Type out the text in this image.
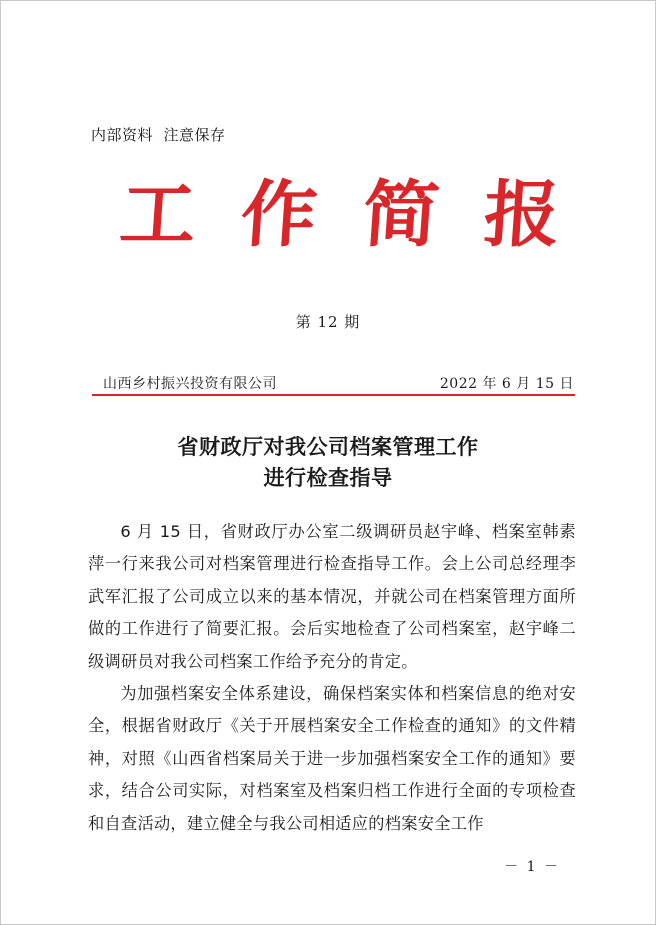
内部资料  注意保存
工 作 简 报
第 12 期
山西乡村振兴投资有限公司	2022 年 6 月 15 日
省财政厅对我公司档案管理工作
进行检查指导

6 月 15 日，省财政厅办公室二级调研员赵宇峰、档案室韩素萍一行来我公司对档案管理进行检查指导工作。会上公司总经理李武军汇报了公司成立以来的基本情况，并就公司在档案管理方面所做的工作进行了简要汇报。会后实地检查了公司档案室，赵宇峰二级调研员对我公司档案工作给予充分的肯定。

为加强档案安全体系建设，确保档案实体和档案信息的绝对安全，根据省财政厅《关于开展档案安全工作检查的通知》的文件精神，对照《山西省档案局关于进一步加强档案安全工作的通知》要求，结合公司实际，对档案室及档案归档工作进行全面的专项检查和自查活动，建立健全与我公司相适应的档案安全工作

－ 1 －
